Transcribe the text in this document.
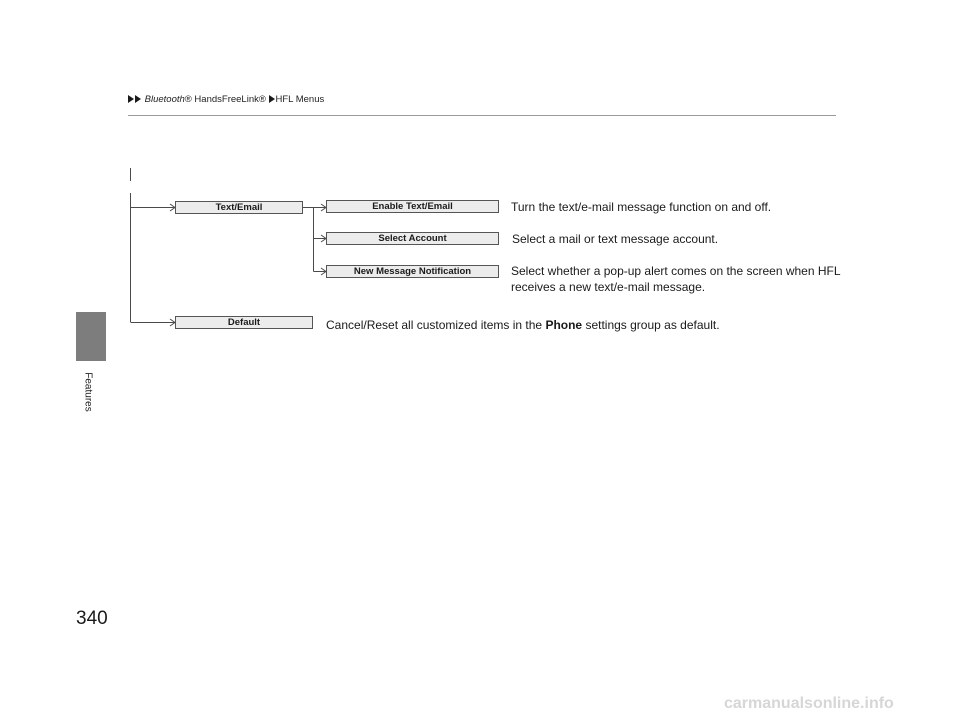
Bluetooth® HandsFreeLink® HFL Menus
Features
Text/Email	Enable Text/Email
Select Account
New Message Notification
Default
Turn the text/e-mail message function on and off.
Select a mail or text message account.
Select whether a pop-up alert comes on the screen when HFL
receives a new text/e-mail message.
Cancel/Reset all customized items in the Phone settings group as default.
340
carmanualsonline.info
